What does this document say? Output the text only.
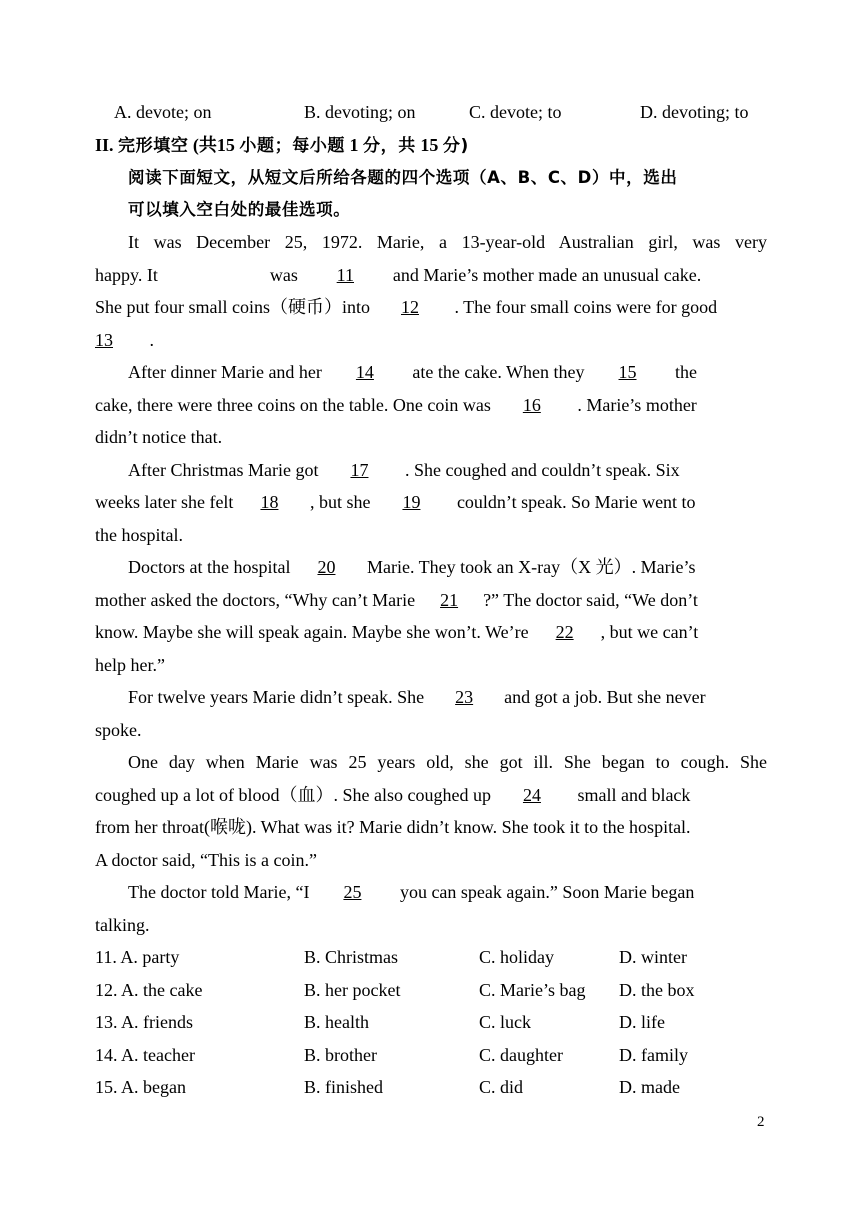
A. devote; on	B. devoting; on	C. devote; to	D. devoting; to
II. 完形填空 (共15 小题；每小题 1 分，共 15 分)
阅读下面短文，从短文后所给各题的四个选项（A、B、C、D）中，选出
可以填入空白处的最佳选项。
It was December 25, 1972. Marie, a 13-year-old Australian girl, was very
happy. It	was 11 and Marie’s mother made an unusual cake.
She put four small coins（硬币）into 12 . The four small coins were for good
13 .
After dinner Marie and her 14 ate the cake. When they 15 the
cake, there were three coins on the table. One coin was 16 . Marie’s mother
didn’t notice that.
After Christmas Marie got 17 . She coughed and couldn’t speak. Six
weeks later she felt 18 , but she 19 couldn’t speak. So Marie went to
the hospital.
Doctors at the hospital 20 Marie. They took an X-ray（X 光）. Marie’s
mother asked the doctors, “Why can’t Marie 21 ?” The doctor said, “We don’t
know. Maybe she will speak again. Maybe she won’t. We’re 22 , but we can’t
help her.”
For twelve years Marie didn’t speak. She 23 and got a job. But she never
spoke.
One day when Marie was 25 years old, she got ill. She began to cough. She
coughed up a lot of blood（血）. She also coughed up 24 small and black
from her throat(喉咙). What was it? Marie didn’t know. She took it to the hospital.
A doctor said, “This is a coin.”
The doctor told Marie, “I 25 you can speak again.” Soon Marie began
talking.
11. A. party	B. Christmas	C. holiday	D. winter
12. A. the cake	B. her pocket	C. Marie’s bag D. the box
13. A. friends	B. health	C. luck	D. life
14. A. teacher	B. brother	C. daughter	D. family
15. A. began	B. finished	C. did	D. made
2
